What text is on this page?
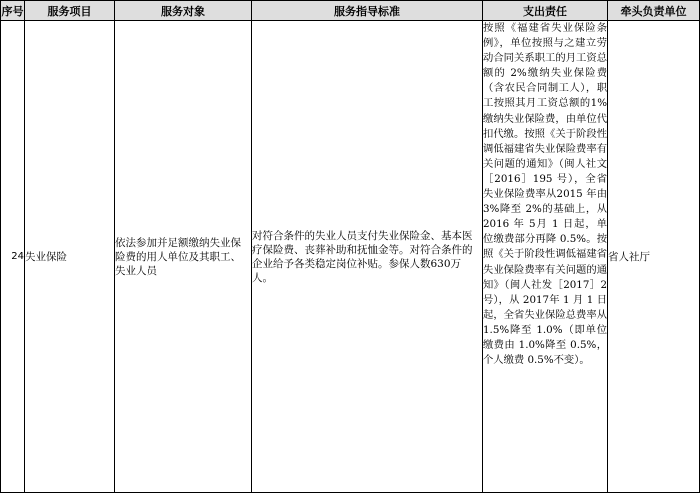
序号	服务项目	服务对象	服务指导标准	支出责任	牵头负责单位
24	失业保险	依法参加并足额缴纳失业保险费的用人单位及其职工、失业人员	对符合条件的失业人员支付失业保险金、基本医疗保险费、丧葬补助和抚恤金等。对符合条件的企业给予各类稳定岗位补贴。参保人数630万人。	按照《福建省失业保险条例》，单位按照与之建立劳动合同关系职工的月工资总额的 2%缴纳失业保险费（含农民合同制工人），职工按照其月工资总额的1%缴纳失业保险费，由单位代扣代缴。按照《关于阶段性调低福建省失业保险费率有关问题的通知》（闽人社文［2016］195 号），全省失业保险费率从2015 年由 3%降至 2%的基础上，从 2016 年 5月 1 日起，单位缴费部分再降 0.5%。按照《关于阶段性调低福建省失业保险费率有关问题的通知》（闽人社发［2017］2 号），从 2017年 1 月 1 日起，全省失业保险总费率从 1.5%降至 1.0%（即单位缴费由 1.0%降至 0.5%，个人缴费 0.5%不变）。	省人社厅
